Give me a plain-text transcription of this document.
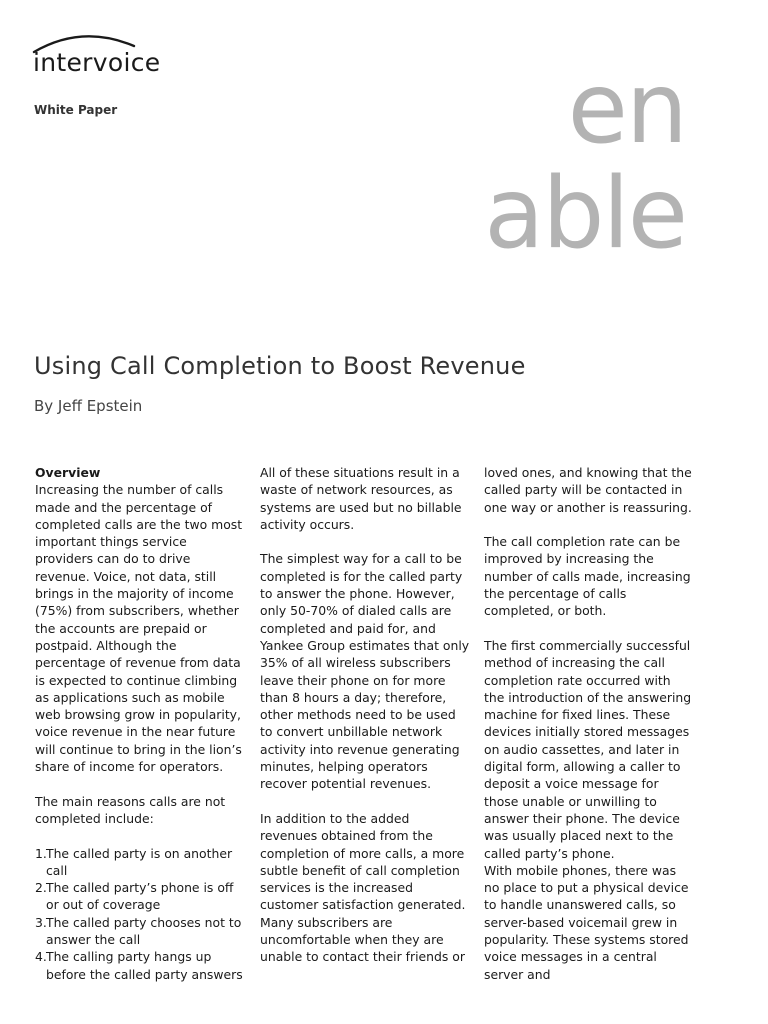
intervoice
White Paper	en
able
Using Call Completion to Boost Revenue
By Jeff Epstein
Overview

Increasing the number of calls made and the percentage of completed calls are the two most important things service providers can do to drive revenue. Voice, not data, still brings in the majority of income (75%) from subscribers, whether the accounts are prepaid or postpaid. Although the percentage of revenue from data is expected to continue climbing as applications such as mobile web browsing grow in popularity, voice revenue in the near future will continue to bring in the lion’s share of income for operators.

The main reasons calls are not completed include:

1. The called party is on another call
2. The called party’s phone is off or out of coverage
3. The called party chooses not to answer the call
4. The calling party hangs up before the called party answers

All of these situations result in a waste of network resources, as systems are used but no billable activity occurs.

The simplest way for a call to be completed is for the called party to answer the phone. However, only 50-70% of dialed calls are completed and paid for, and Yankee Group estimates that only 35% of all wireless subscribers leave their phone on for more than 8 hours a day; therefore, other methods need to be used to convert unbillable network activity into revenue generating minutes, helping operators recover potential revenues.

In addition to the added revenues obtained from the completion of more calls, a more subtle benefit of call completion services is the increased customer satisfaction generated. Many subscribers are uncomfortable when they are unable to contact their friends or

loved ones, and knowing that the called party will be contacted in one way or another is reassuring.

The call completion rate can be improved by increasing the number of calls made, increasing the percentage of calls completed, or both.

The first commercially successful method of increasing the call completion rate occurred with the introduction of the answering machine for fixed lines. These devices initially stored messages on audio cassettes, and later in digital form, allowing a caller to deposit a voice message for those unable or unwilling to answer their phone. The device was usually placed next to the called party’s phone.

With mobile phones, there was no place to put a physical device to handle unanswered calls, so server-based voicemail grew in popularity. These systems stored voice messages in a central server and
